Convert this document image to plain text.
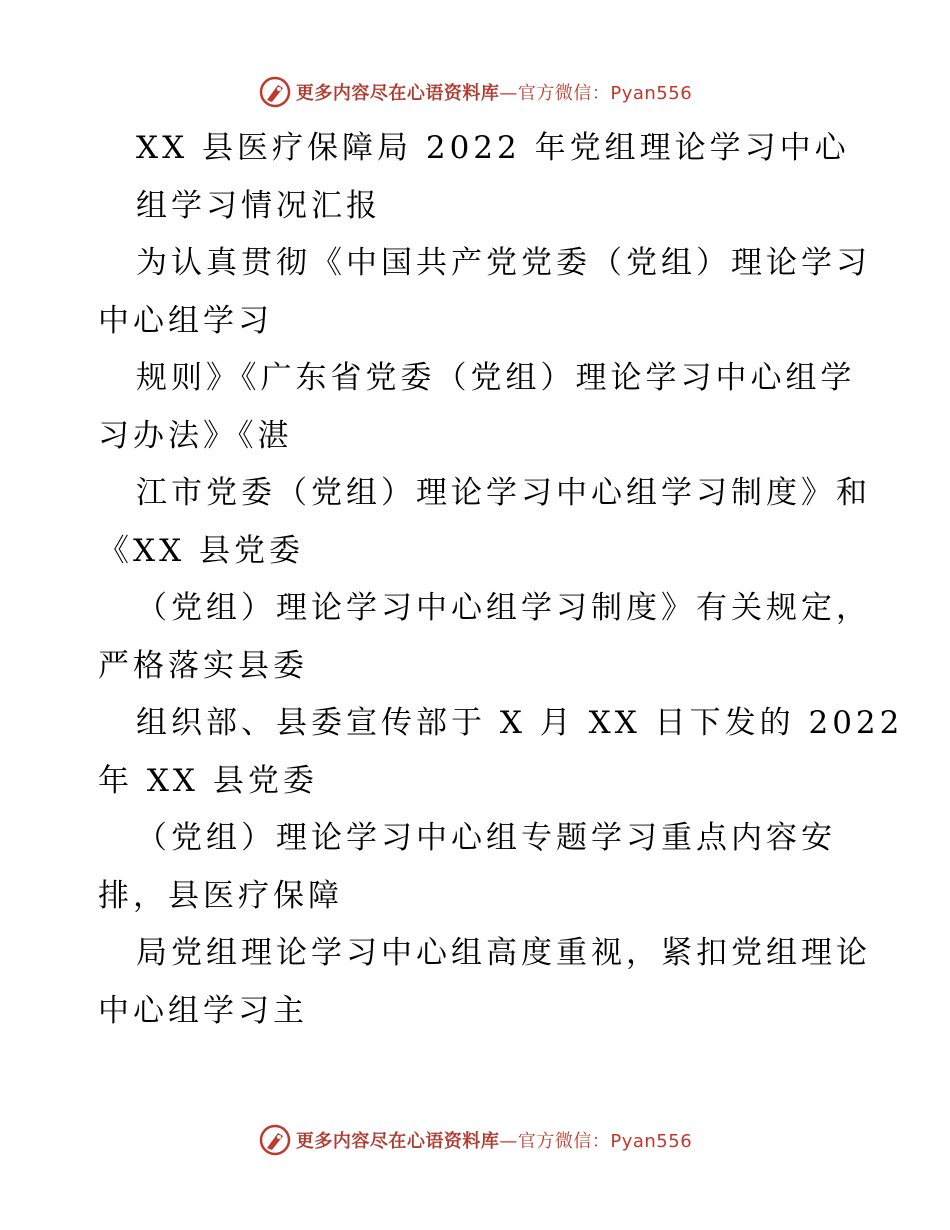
更多内容尽在心语资料库—官方微信：Pyan556
XX 县医疗保障局 2022 年党组理论学习中心
组学习情况汇报
为认真贯彻《中国共产党党委（党组）理论学习
中心组学习
规则》《广东省党委（党组）理论学习中心组学
习办法》《湛
江市党委（党组）理论学习中心组学习制度》和
《XX 县党委
（党组）理论学习中心组学习制度》有关规定，
严格落实县委
组织部、县委宣传部于 X 月 XX 日下发的 2022
年 XX 县党委
（党组）理论学习中心组专题学习重点内容安
排，县医疗保障
局党组理论学习中心组高度重视，紧扣党组理论
中心组学习主
更多内容尽在心语资料库—官方微信：Pyan556
